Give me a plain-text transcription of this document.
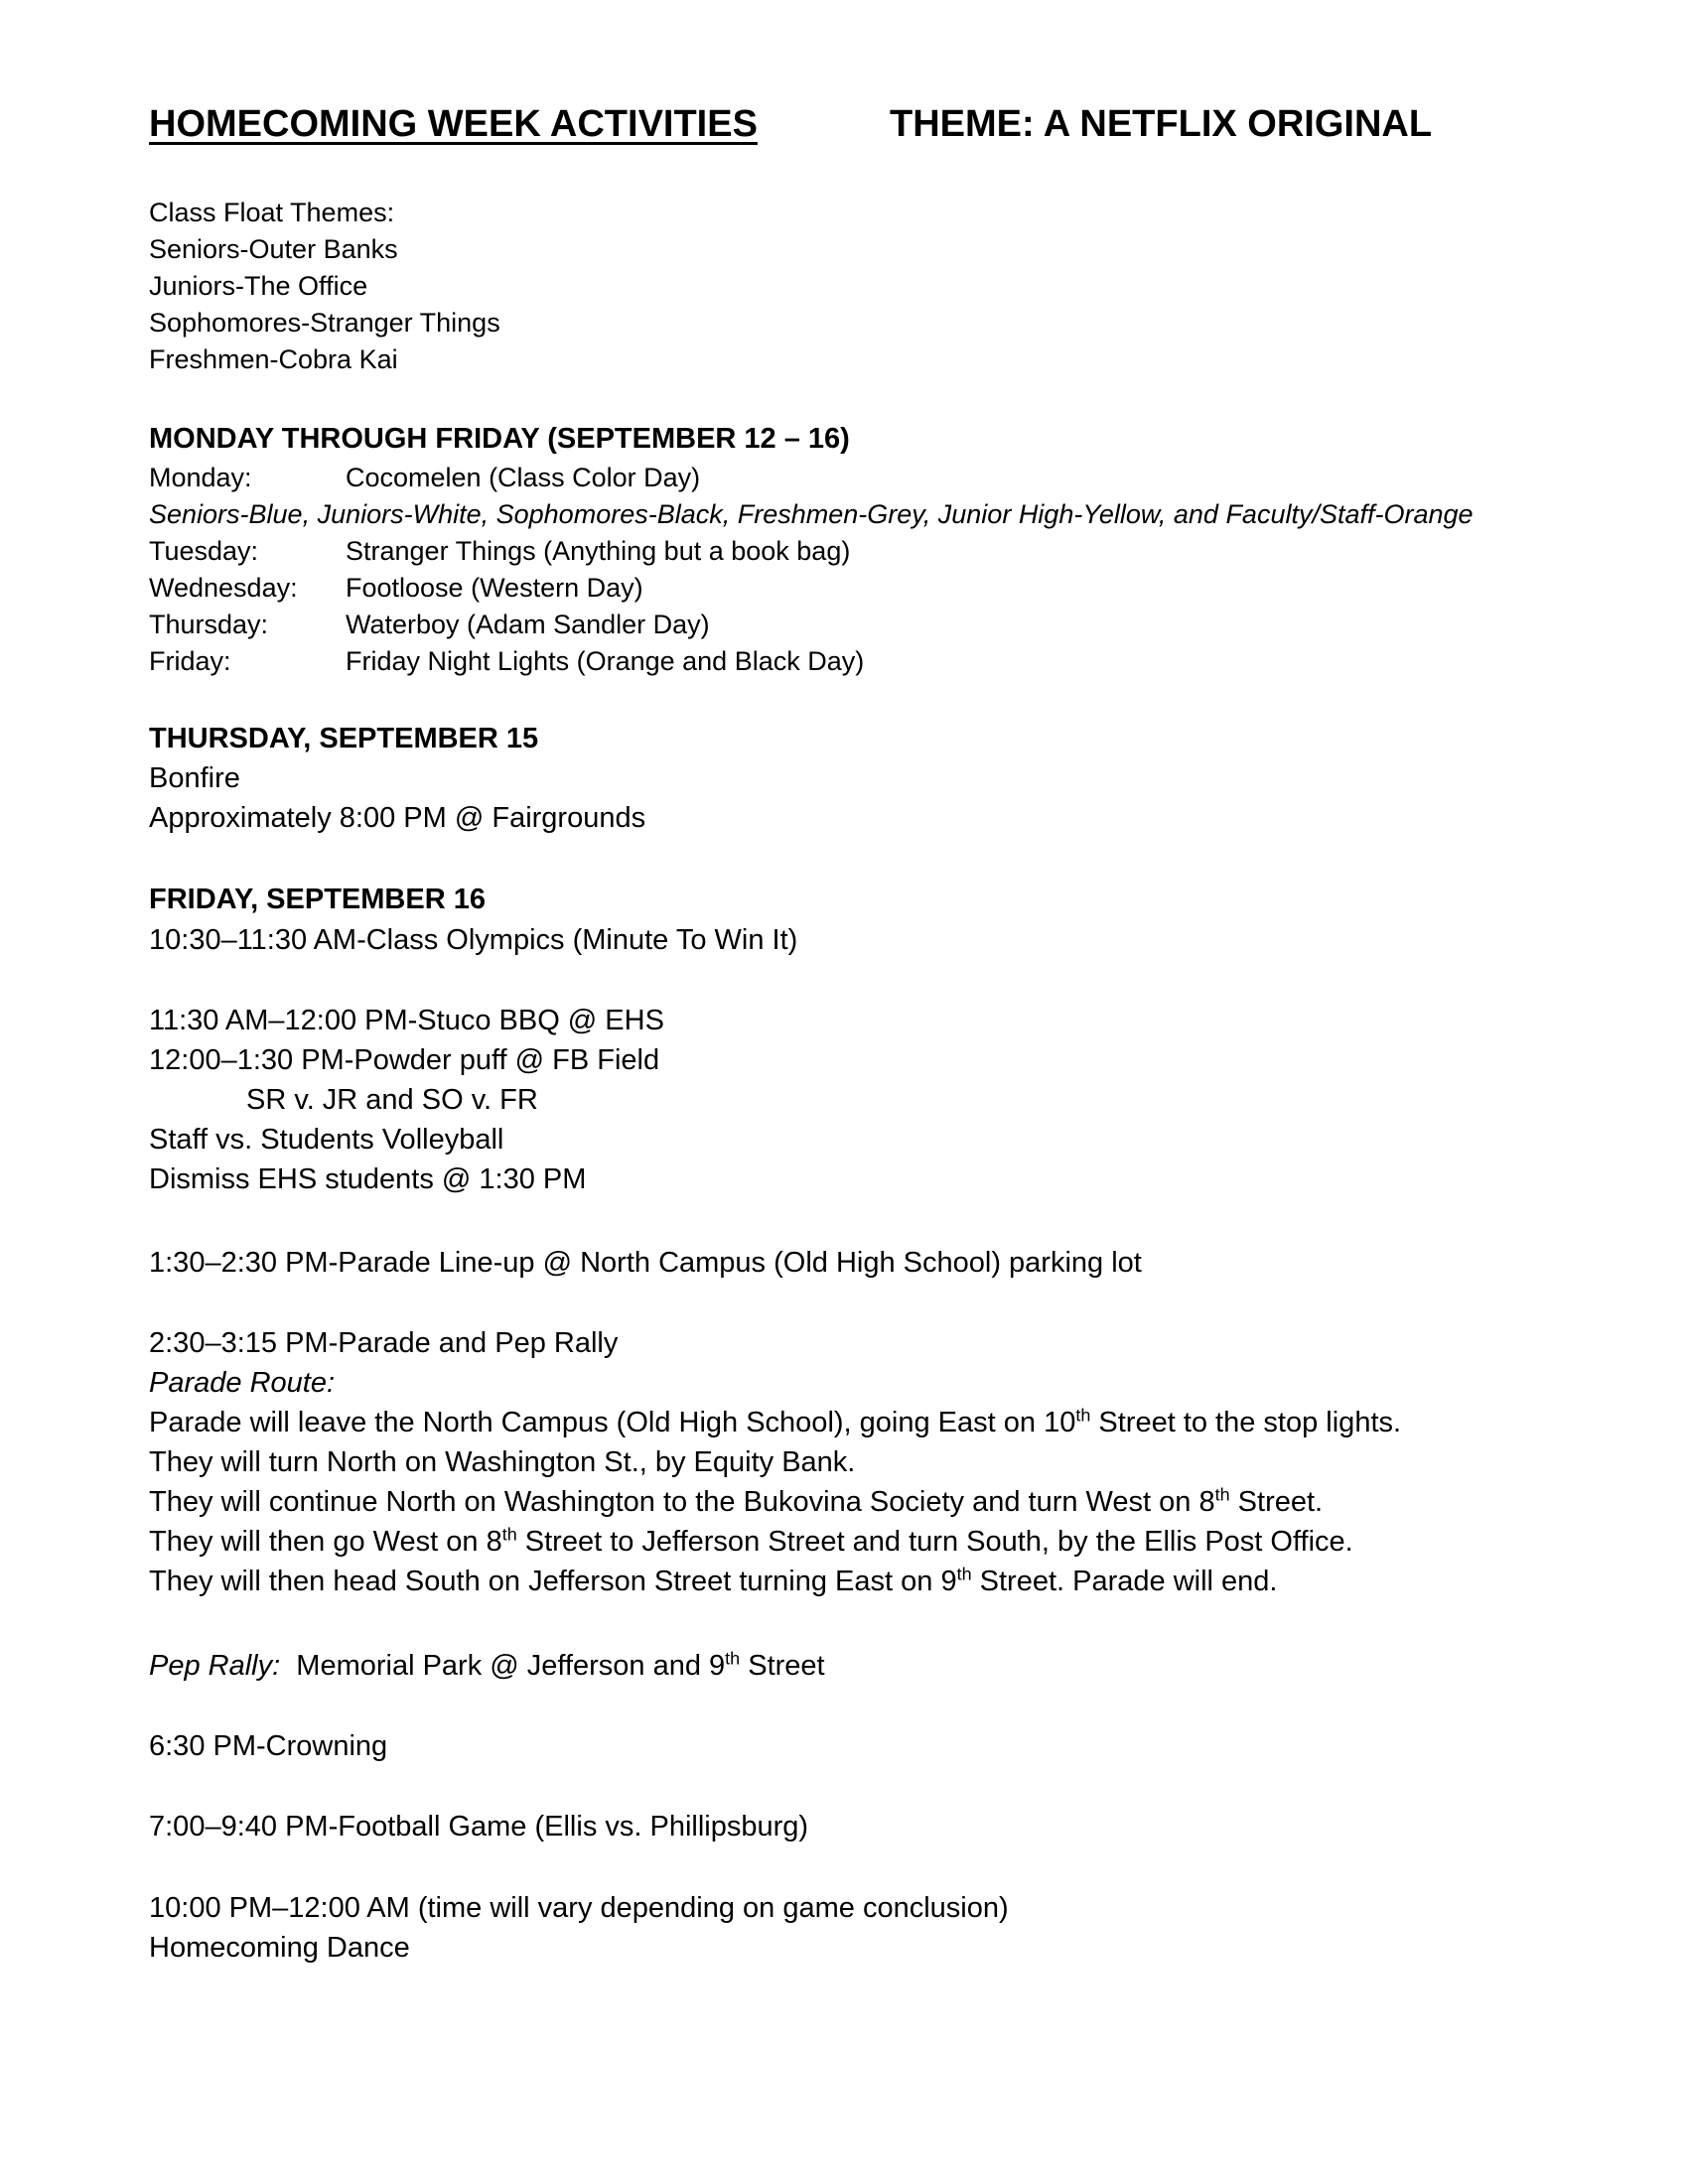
HOMECOMING WEEK ACTIVITIES	THEME: A NETFLIX ORIGINAL
Class Float Themes:
Seniors-Outer Banks
Juniors-The Office
Sophomores-Stranger Things
Freshmen-Cobra Kai
MONDAY THROUGH FRIDAY (SEPTEMBER 12 – 16)
Monday:	Cocomelen (Class Color Day)
Seniors-Blue, Juniors-White, Sophomores-Black, Freshmen-Grey, Junior High-Yellow, and Faculty/Staff-Orange
Tuesday:	Stranger Things (Anything but a book bag)
Wednesday: Footloose (Western Day)
Thursday:	Waterboy (Adam Sandler Day)
Friday:	Friday Night Lights (Orange and Black Day)
THURSDAY, SEPTEMBER 15
Bonfire
Approximately 8:00 PM @ Fairgrounds
FRIDAY, SEPTEMBER 16
10:30–11:30 AM-Class Olympics (Minute To Win It)
11:30 AM–12:00 PM-Stuco BBQ @ EHS
12:00–1:30 PM-Powder puff @ FB Field
SR v. JR and SO v. FR
Staff vs. Students Volleyball
Dismiss EHS students @ 1:30 PM
1:30–2:30 PM-Parade Line-up @ North Campus (Old High School) parking lot
2:30–3:15 PM-Parade and Pep Rally
Parade Route:
Parade will leave the North Campus (Old High School), going East on 10th Street to the stop lights.
They will turn North on Washington St., by Equity Bank.
They will continue North on Washington to the Bukovina Society and turn West on 8th Street.
They will then go West on 8th Street to Jefferson Street and turn South, by the Ellis Post Office.
They will then head South on Jefferson Street turning East on 9th Street. Parade will end.
Pep Rally:  Memorial Park @ Jefferson and 9th Street
6:30 PM-Crowning
7:00–9:40 PM-Football Game (Ellis vs. Phillipsburg)
10:00 PM–12:00 AM (time will vary depending on game conclusion)
Homecoming Dance
